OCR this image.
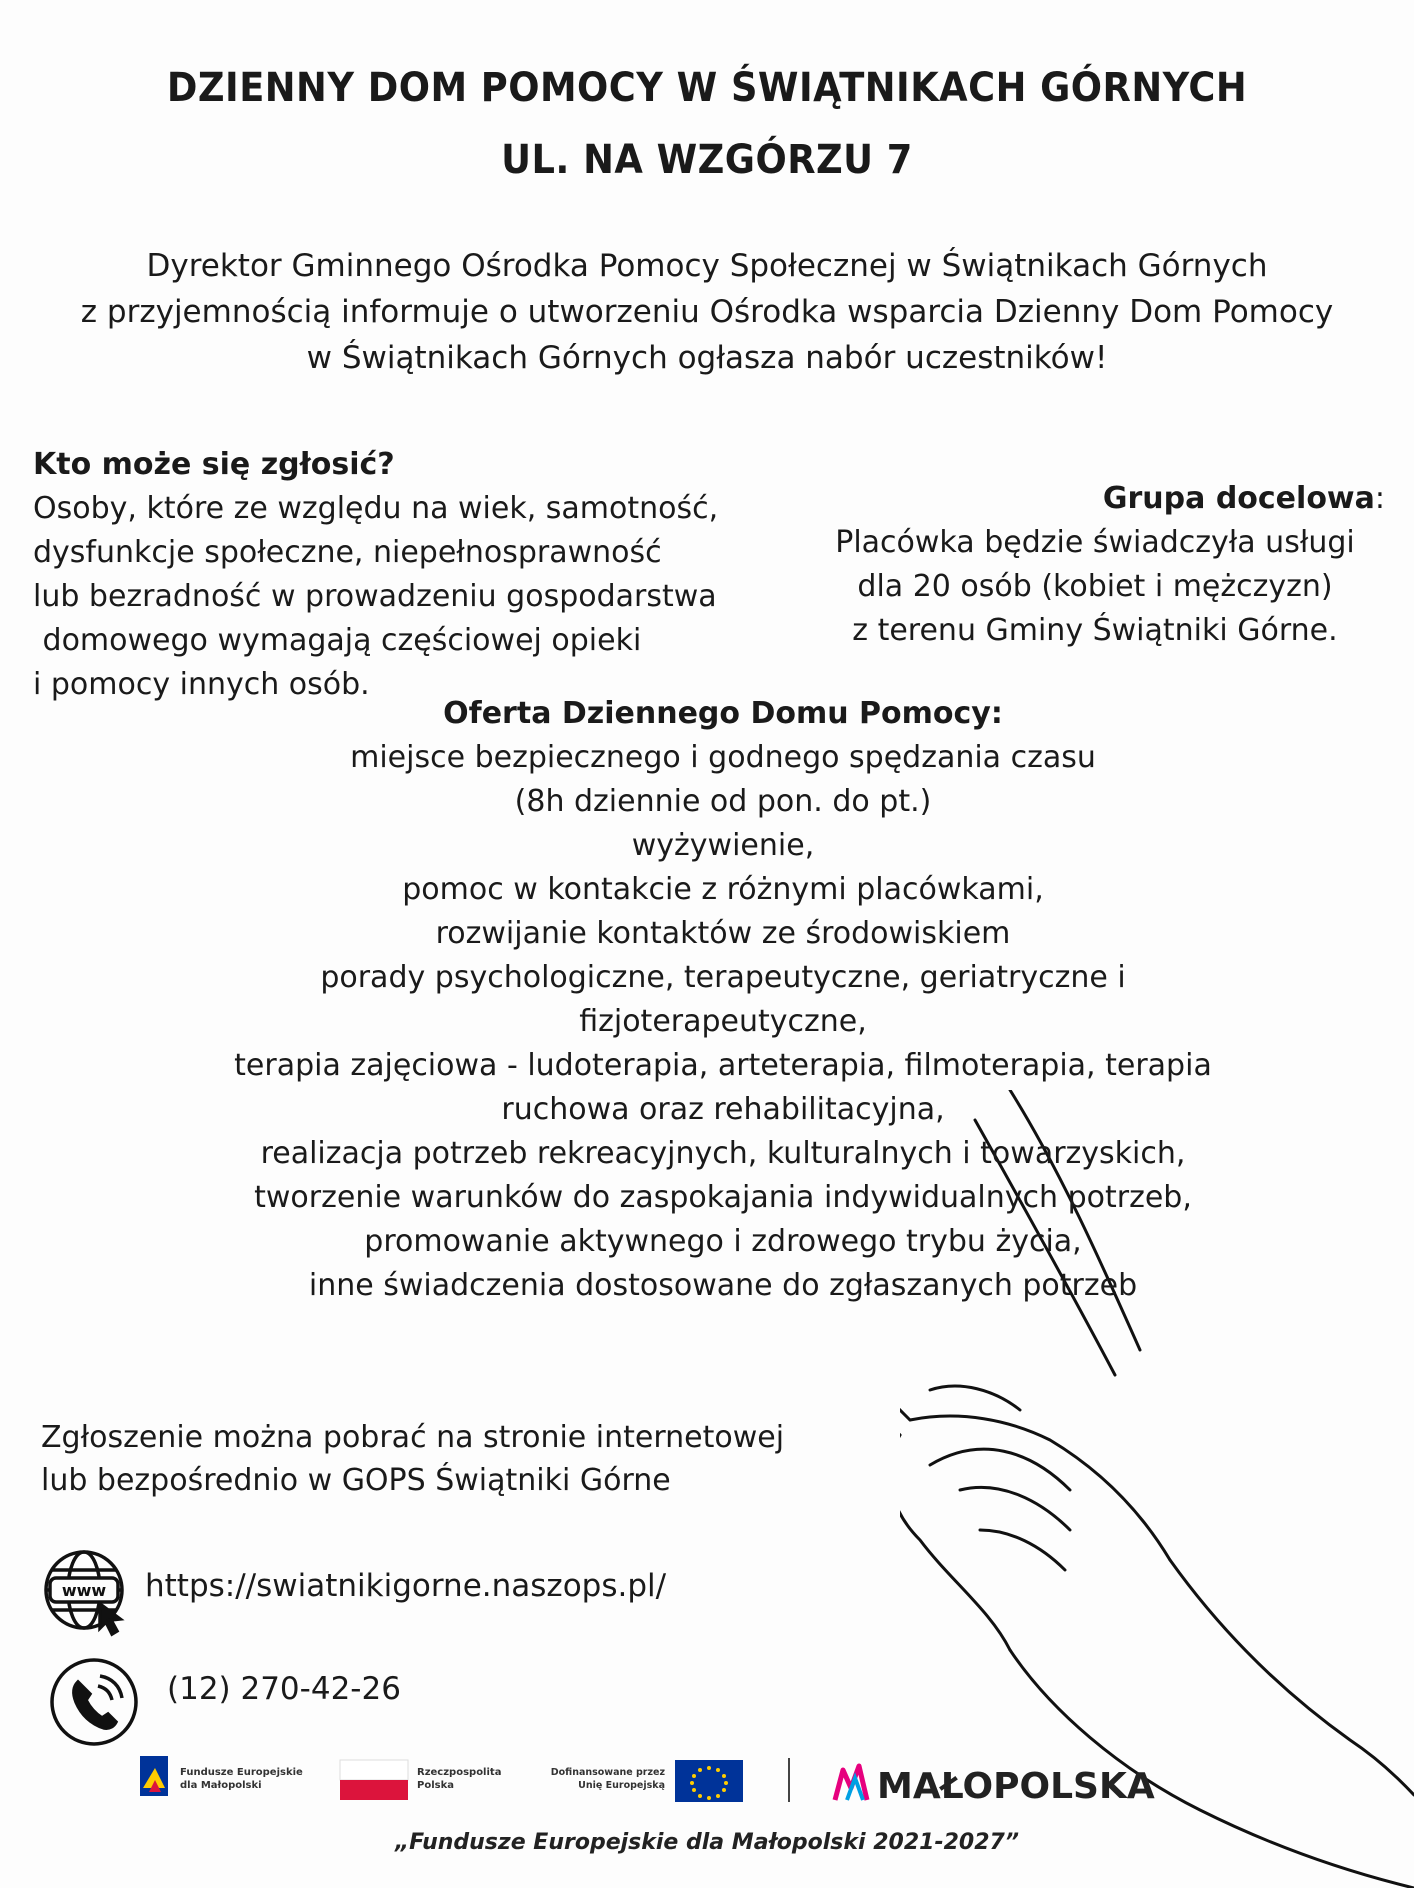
DZIENNY DOM POMOCY W ŚWIĄTNIKACH GÓRNYCH
UL. NA WZGÓRZU 7
Dyrektor Gminnego Ośrodka Pomocy Społecznej w Świątnikach Górnych
z przyjemnością informuje o utworzeniu Ośrodka wsparcia Dzienny Dom Pomocy
w Świątnikach Górnych ogłasza nabór uczestników!
Kto może się zgłosić?
Osoby, które ze względu na wiek, samotność,
dysfunkcje społeczne, niepełnosprawność
lub bezradność w prowadzeniu gospodarstwa
domowego wymagają częściowej opieki
i pomocy innych osób.
Grupa docelowa:
Placówka będzie świadczyła usługi
dla 20 osób (kobiet i mężczyzn)
z terenu Gminy Świątniki Górne.
Oferta Dziennego Domu Pomocy:
miejsce bezpiecznego i godnego spędzania czasu
(8h dziennie od pon. do pt.)
wyżywienie,
pomoc w kontakcie z różnymi placówkami,
rozwijanie kontaktów ze środowiskiem
porady psychologiczne, terapeutyczne, geriatryczne i
fizjoterapeutyczne,
terapia zajęciowa - ludoterapia, arteterapia, filmoterapia, terapia
ruchowa oraz rehabilitacyjna,
realizacja potrzeb rekreacyjnych, kulturalnych i towarzyskich,
tworzenie warunków do zaspokajania indywidualnych potrzeb,
promowanie aktywnego i zdrowego trybu życia,
inne świadczenia dostosowane do zgłaszanych potrzeb
Zgłoszenie można pobrać na stronie internetowej
lub bezpośrednio w GOPS Świątniki Górne
www https://swiatnikigorne.naszops.pl/
(12) 270-42-26
Fundusze Europejskie
dla Małopolski
Rzeczpospolita
Polska
Dofinansowane przez
Unię Europejską	MAŁOPOLSKA
„Fundusze Europejskie dla Małopolski 2021-2027”
